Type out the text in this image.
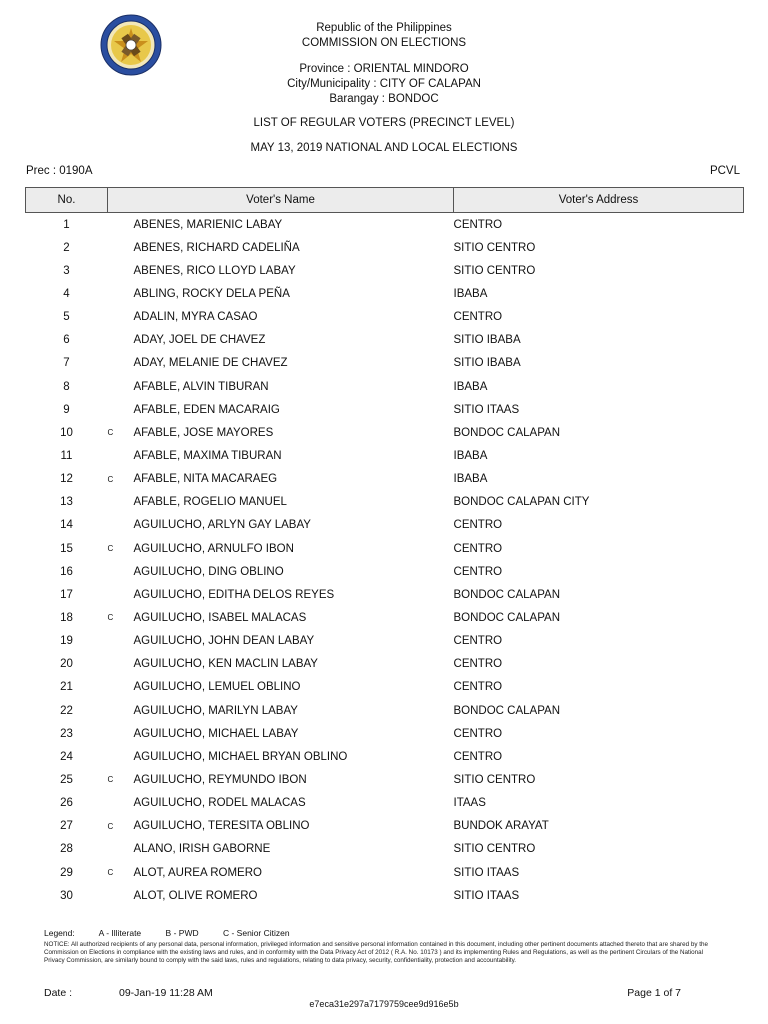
Republic of the Philippines
COMMISSION ON ELECTIONS
Province : ORIENTAL MINDORO
City/Municipality : CITY OF CALAPAN
Barangay : BONDOC
LIST OF REGULAR VOTERS (PRECINCT LEVEL)
MAY 13, 2019 NATIONAL AND LOCAL ELECTIONS
Prec : 0190A	PCVL
No.	Voter's Name		Voter's Address
1		ABENES, MARIENIC LABAY	CENTRO
2		ABENES, RICHARD CADELIÑA	SITIO CENTRO
3		ABENES, RICO LLOYD LABAY	SITIO CENTRO
4		ABLING, ROCKY DELA PEÑA	IBABA
5		ADALIN, MYRA CASAO	CENTRO
6		ADAY, JOEL DE CHAVEZ	SITIO IBABA
7		ADAY, MELANIE DE CHAVEZ	SITIO IBABA
8		AFABLE, ALVIN TIBURAN	IBABA
9		AFABLE, EDEN MACARAIG	SITIO ITAAS
10	C	AFABLE, JOSE MAYORES	BONDOC CALAPAN
11		AFABLE, MAXIMA TIBURAN	IBABA
12	C	AFABLE, NITA MACARAEG	IBABA
13		AFABLE, ROGELIO MANUEL	BONDOC CALAPAN CITY
14		AGUILUCHO, ARLYN GAY LABAY	CENTRO
15	C	AGUILUCHO, ARNULFO IBON	CENTRO
16		AGUILUCHO, DING OBLINO	CENTRO
17		AGUILUCHO, EDITHA DELOS REYES	BONDOC CALAPAN
18	C	AGUILUCHO, ISABEL MALACAS	BONDOC CALAPAN
19		AGUILUCHO, JOHN DEAN LABAY	CENTRO
20		AGUILUCHO, KEN MACLIN LABAY	CENTRO
21		AGUILUCHO, LEMUEL OBLINO	CENTRO
22		AGUILUCHO, MARILYN LABAY	BONDOC CALAPAN
23		AGUILUCHO, MICHAEL LABAY	CENTRO
24		AGUILUCHO, MICHAEL BRYAN OBLINO	CENTRO
25	C	AGUILUCHO, REYMUNDO IBON	SITIO CENTRO
26		AGUILUCHO, RODEL MALACAS	ITAAS
27	C	AGUILUCHO, TERESITA OBLINO	BUNDOK ARAYAT
28		ALANO, IRISH GABORNE	SITIO CENTRO
29	C	ALOT, AUREA ROMERO	SITIO ITAAS
30		ALOT, OLIVE ROMERO	SITIO ITAAS
Legend:	A - Illiterate	B - PWD	C - Senior Citizen
NOTICE: All authorized recipients of any personal data, personal information, privileged information and sensitive personal information contained in this document, including other pertinent documents attached thereto that are shared by the Commission on Elections in compliance with the existing laws and rules, and in conformity with the Data Privacy Act of 2012 ( R.A. No. 10173 ) and its implementing Rules and Regulations, as well as the pertinent Circulars of the National Privacy Commission, are similarly bound to comply with the said laws, rules and regulations, relating to data privacy, security, confidentiality, protection and accountability.
Date :	09-Jan-19 11:28 AM	Page 1 of 7
e7eca31e297a7179759cee9d916e5b
